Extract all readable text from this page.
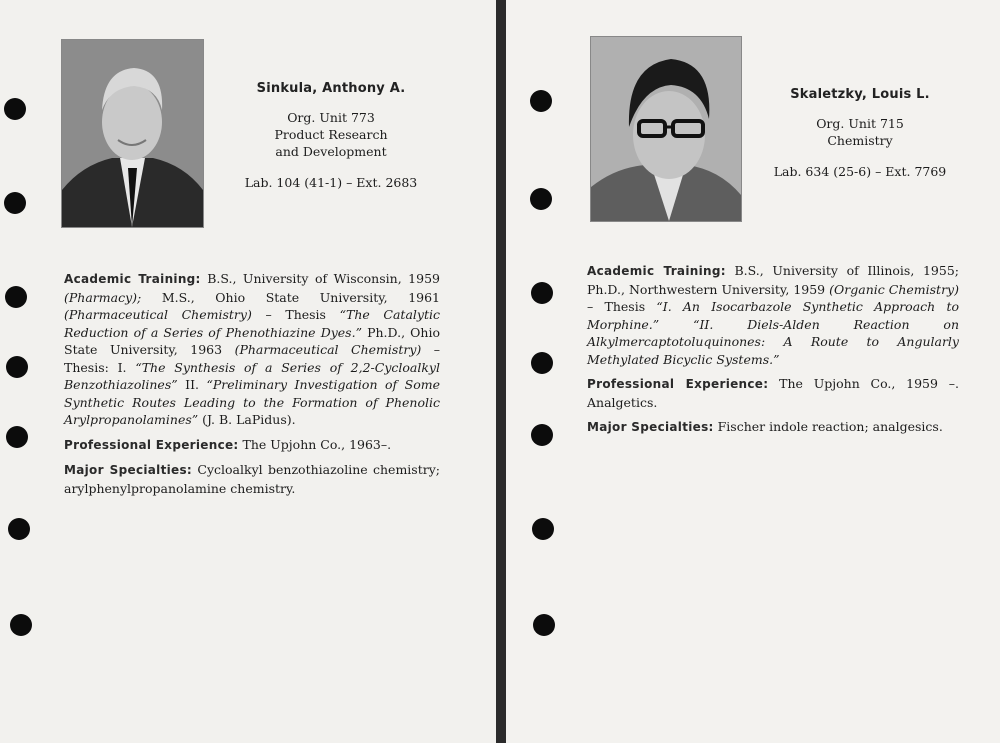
Sinkula, Anthony A.
Org. Unit 773
Product Research
and Development
Lab. 104 (41-1) – Ext. 2683

Academic Training: B.S., University of Wisconsin, 1959 (Pharmacy); M.S., Ohio State University, 1961 (Pharmaceutical Chemistry) – Thesis “The Catalytic Reduction of a Series of Phenothiazine Dyes.” Ph.D., Ohio State University, 1963 (Pharmaceutical Chemistry) – Thesis: I. “The Synthesis of a Series of 2,2-Cycloalkyl Benzothiazolines” II. “Preliminary Investigation of Some Synthetic Routes Leading to the Formation of Phenolic Arylpropanolamines” (J. B. LaPidus).

Professional Experience: The Upjohn Co., 1963–.

Major Specialties: Cycloalkyl benzothiazoline chemistry; arylphenylpropanolamine chemistry.

Skaletzky, Louis L.
Org. Unit 715
Chemistry
Lab. 634 (25-6) – Ext. 7769

Academic Training: B.S., University of Illinois, 1955; Ph.D., Northwestern University, 1959 (Organic Chemistry) – Thesis “I. An Isocarbazole Synthetic Approach to Morphine.” “II. Diels-Alden Reaction on Alkylmercaptotoluquinones: A Route to Angularly Methylated Bicyclic Systems.”

Professional Experience: The Upjohn Co., 1959 –. Analgetics.

Major Specialties: Fischer indole reaction; analgesics.
